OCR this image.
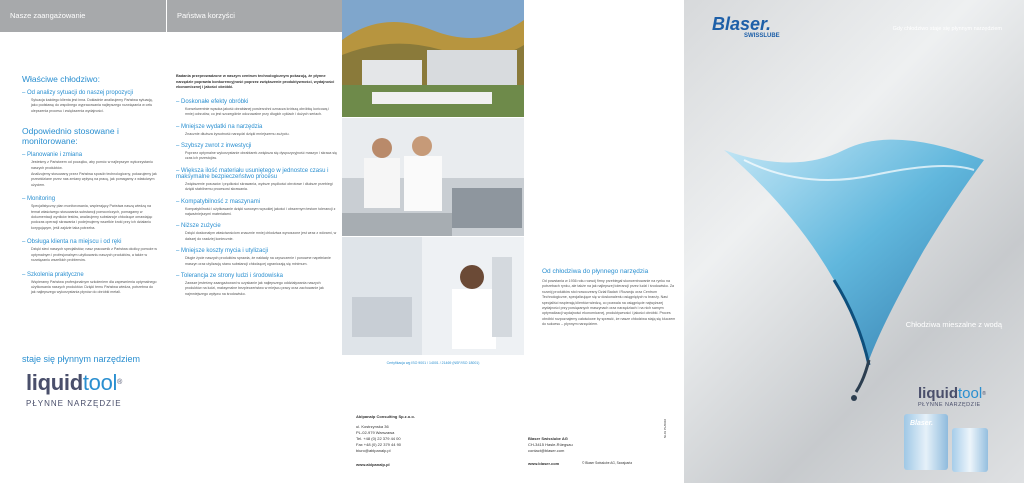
Nasze zaangażowanie
Właściwe chłodziwo:
– Od analizy sytuacji do naszej propozycji

Sytuacja każdego klienta jest inna. Dokładnie analizujemy Państwa sytuację, jako podstawę do wspólnego wypracowania najlepszego rozwiązania w celu ulepszenia procesu i zwiększenia wydajności.

Odpowiednio stosowane i monitorowane:
– Planowanie i zmiana

Jesteśmy z Państwem od początku, aby pomóc w najlepszym wykorzystaniu naszych produktów.

Analizujemy stosowany przez Państwa sposób technologiczny, pokazujemy jak przewidziane przez nas zmiany wpłyną na pracę, jak pomagamy z właściwym użyciem.

– Monitoring

Specjalistyczny plan monitorowania, wspierający Państwa naszą wiedzą na temat właściwego stosowania substancji pomocniczych, pomagamy w dokumentacji wyników testów, analizujemy substancje chłodzące omawiając podczas operacji skrawania i podejmujemy wszelkie kroki przy ich działaniu korygującym, jeśli zajdzie taka potrzeba.

– Obsługa klienta na miejscu i od ręki

Dzięki sieci naszych specjalistów, nasz pracownik z Państwa okolicy pomoże w optymalnym i profesjonalnym użytkowaniu naszych produktów, a także w rozwiązaniu wszelkich problemów.

– Szkolenia praktyczne

Wspieramy Państwa profesjonalnym szkoleniem dla zapewnienia optymalnego użytkowania naszych produktów. Dzięki temu Państwa wiedza, potrzebna do jak najlepszego wykorzystania płynów do obróbki metali.

staje się płynnym narzędziem
liquidtool®
PŁYNNE NARZĘDZIE
Państwa korzyści
Badania przeprowadzone w naszym centrum technologicznym pokazują, że płynne narzędzie poprawia konkurencyjność poprzez zwiększenie produktywności, wydajności ekonomicznej i jakości obróbki.
– Doskonałe efekty obróbki
Konsekwentnie wysoka jakość obrabianej powierzchni oznacza krótszą obróbkę końcową i mniej odrzutów, co jest szczególnie odczuwalne przy długich cyklach i dużych seriach.
– Mniejsze wydatki na narzędzia
Znacznie dłuższa żywotność narzędzi dzięki mniejszemu zużyciu.
– Szybszy zwrot z inwestycji
Poprzez optymalne wykorzystanie obrabiarek zwiększa się dyspozycyjność maszyn i skraca się czas ich przestojów.
– Większa ilość materiału usuniętego w jednostce czasu i maksymalne bezpieczeństwo procesu
Zwiększenie posuwów i prędkości skrawania, wyższe prędkości obrotowe i dłuższe przebiegi dzięki stabilnemu procesowi skrawania.
– Kompatybilność z maszynami
Kompatybilność i użytkowanie dzięki surowym wysokiej jakości i obszernym testom tolerancji z najważniejszymi materiałami.
– Niższe zużycie
Dzięki doskonałym właściwościom znacznie mniej chłodziwa wynoszone jest wraz z wiórami, w dalszej do rzadziej koniecznie.
– Mniejsze koszty mycia i utylizacji
Długie życie naszych produktów sprawia, że nakłady na czyszczenie i ponowne napełnianie maszyn oraz utylizację stanu substancji chłodzącej ograniczają się minimum.
– Tolerancja ze strony ludzi i środowiska
Zawsze jesteśmy zaangażowani w uzyskanie jak najlepszego oddziaływania naszych produktów na ludzi, maksymalne bezpieczeństwo w miejscu pracy oraz zachowanie jak najmniejszego wpływu na środowisko.
Certyfikacja wg ISO 9001 / 14001 / 21469 (NSF/ISO 18001)
Od chłodziwa do płynnego narzędzia
Od powstania w 1936 roku rozwój firmy przebiegał skoncentrowanie na rynku na potrzebach rynku, ale także na jak najlepszej tolerancji przez ludzi i środowisko. Za rozwój produktów stoi nowoczesny Dział Badań i Rozwoju oraz Centrum Technologiczne, specjalizujące się w doskonaleniu osiągniętych w branży. Nasi specjaliści wspierają klientów wiedzą, co pozwala na osiągnięcie najwyższej wydajności przy powiązanych maszynach oraz narzędziach i na nich samym optymalizacji wydajności ekonomicznej, produktywności i jakości obróbki. Proces obróbki rozpoznajemy całościowe by sprawić, że nasze chłodziwa stają się kluczem do sukcesu – płynnym narzędziem.
Ablpanalp Consulting Sp.z.o.o.
ul. Kostrzynska 36
PL-02-979 Warszawa
Tel. +48 (0) 22 379 44 00
Fax +48 (0) 22 379 44 90
biuro@ablpanalp.pl
www.ablpanalp.pl
Blaser Swisslube AG
CH-3415 Hasle-Rüegsau
contact@blaser.com
www.blaser.com	© Blaser Swisslube AG, Szwajcaria
NL01 PL/0910
Blaser.
SWISSLUBE
Gdy chłodziwo staje się płynnym narzędziem
Chłodziwa mieszalne z wodą
liquidtool®
PŁYNNE NARZĘDZIE
Blaser.
